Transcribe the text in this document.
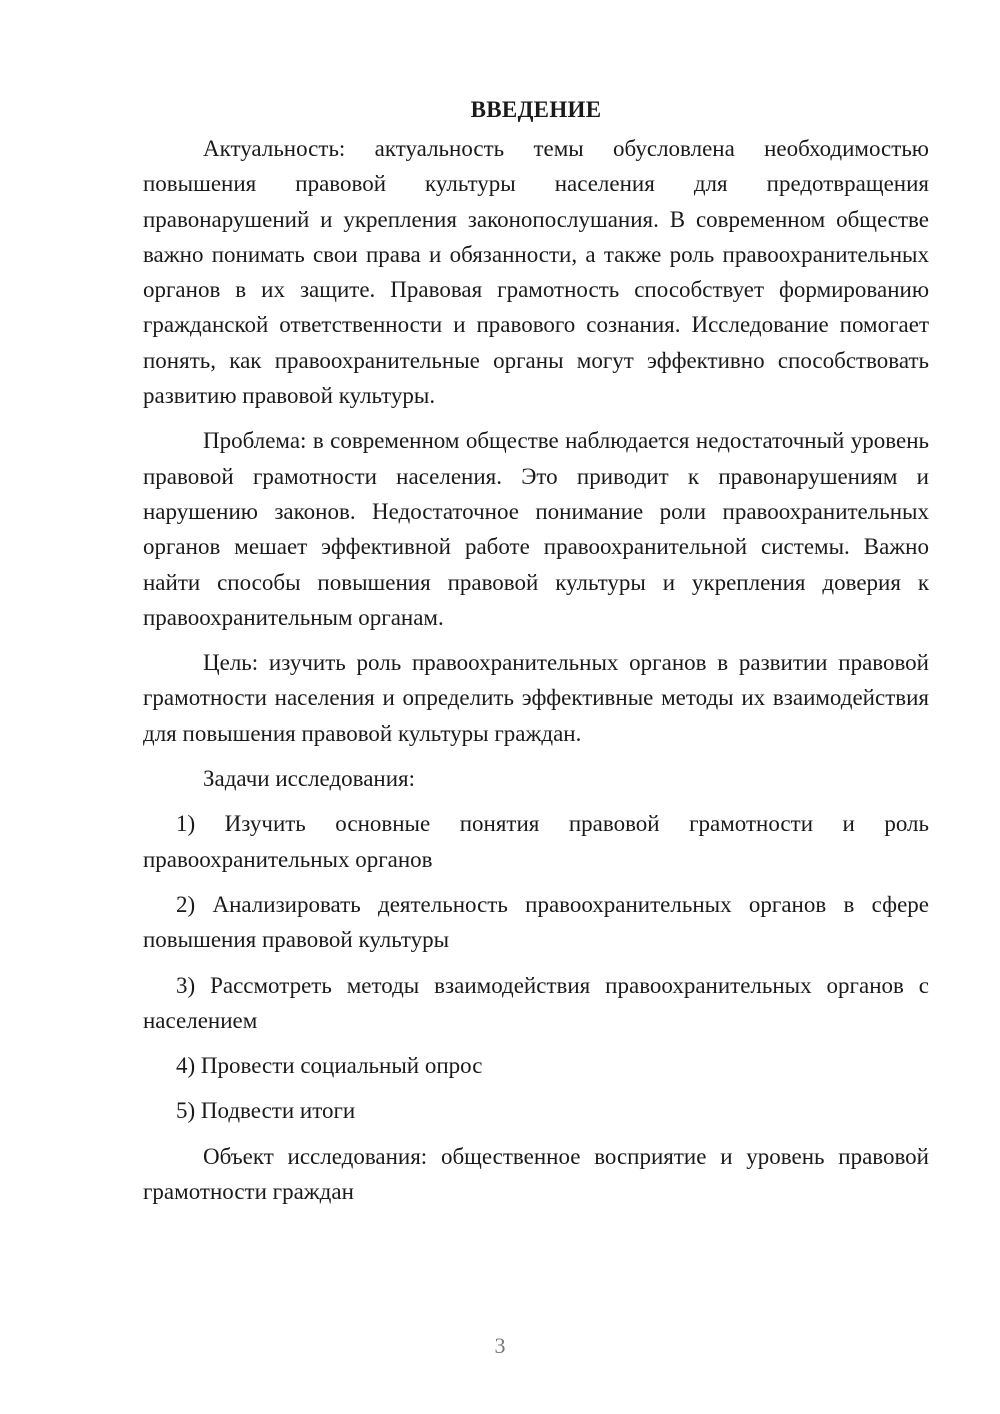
ВВЕДЕНИЕ

Актуальность: актуальность темы обусловлена необходимостью повышения правовой культуры населения для предотвращения правонарушений и укрепления законопослушания. В современном обществе важно понимать свои права и обязанности, а также роль правоохранительных органов в их защите. Правовая грамотность способствует формированию гражданской ответственности и правового сознания. Исследование помогает понять, как правоохранительные органы могут эффективно способствовать развитию правовой культуры.

Проблема: в современном обществе наблюдается недостаточный уровень правовой грамотности населения. Это приводит к правонарушениям и нарушению законов. Недостаточное понимание роли правоохранительных органов мешает эффективной работе правоохранительной системы. Важно найти способы повышения правовой культуры и укрепления доверия к правоохранительным органам.

Цель: изучить роль правоохранительных органов в развитии правовой грамотности населения и определить эффективные методы их взаимодействия для повышения правовой культуры граждан.

Задачи исследования:

1) Изучить основные понятия правовой грамотности и роль правоохранительных органов

2) Анализировать деятельность правоохранительных органов в сфере повышения правовой культуры

3) Рассмотреть методы взаимодействия правоохранительных органов с населением

4) Провести социальный опрос

5) Подвести итоги

Объект исследования: общественное восприятие и уровень правовой грамотности граждан

3
